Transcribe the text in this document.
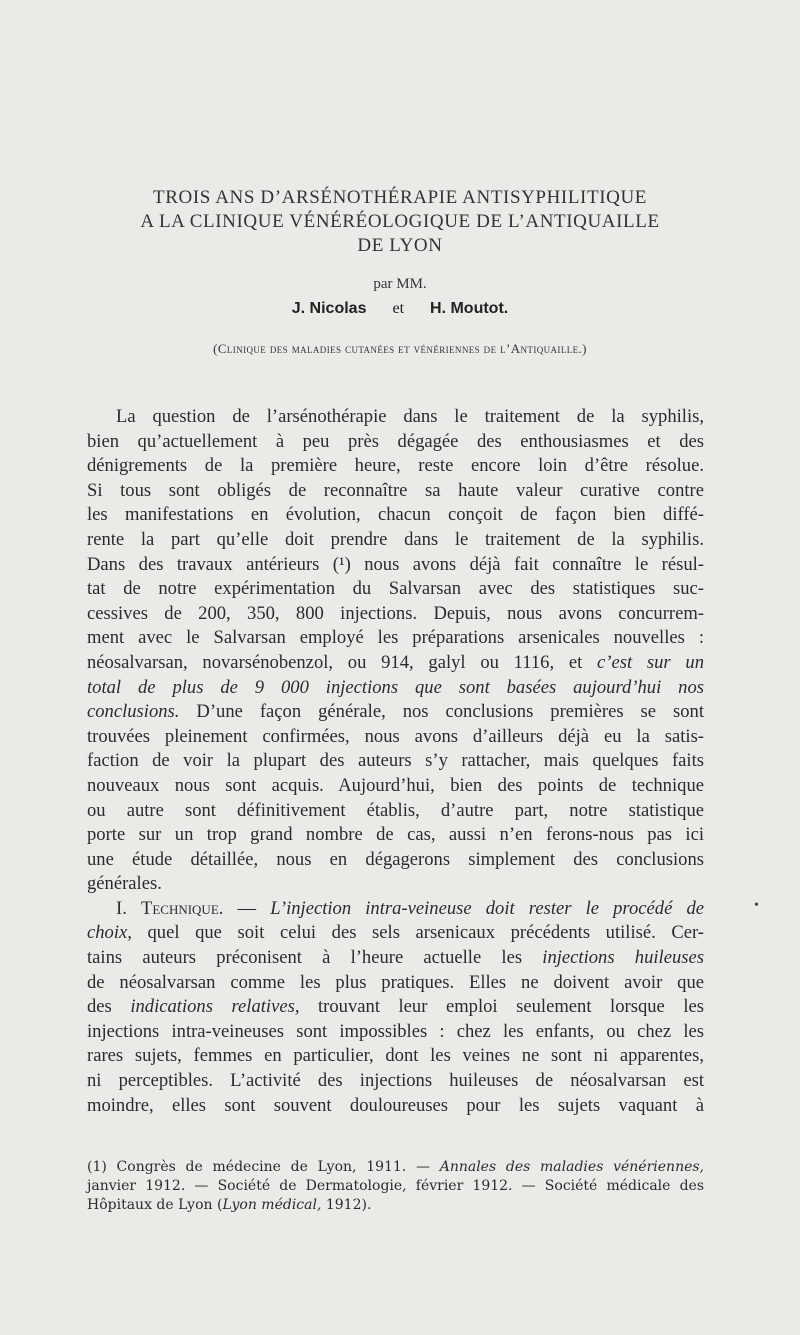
TROIS ANS D’ARSÉNOTHÉRAPIE ANTISYPHILITIQUE
A LA CLINIQUE VÉNÉRÉOLOGIQUE DE L’ANTIQUAILLE
DE LYON
par MM.
J. Nicolas et H. Moutot.
(Clinique des maladies cutanées et vénériennes de l’Antiquaille.)
La question de l’arsénothérapie dans le traitement de la syphilis,
bien qu’actuellement à peu près dégagée des enthousiasmes et des
dénigrements de la première heure, reste encore loin d’être résolue.
Si tous sont obligés de reconnaître sa haute valeur curative contre
les manifestations en évolution, chacun conçoit de façon bien diffé-
rente la part qu’elle doit prendre dans le traitement de la syphilis.
Dans des travaux antérieurs (¹) nous avons déjà fait connaître le résul-
tat de notre expérimentation du Salvarsan avec des statistiques suc-
cessives de 200, 350, 800 injections. Depuis, nous avons concurrem-
ment avec le Salvarsan employé les préparations arsenicales nouvelles :
néosalvarsan, novarsénobenzol, ou 914, galyl ou 1116, et c’est sur un
total de plus de 9 000 injections que sont basées aujourd’hui nos
conclusions. D’une façon générale, nos conclusions premières se sont
trouvées pleinement confirmées, nous avons d’ailleurs déjà eu la satis-
faction de voir la plupart des auteurs s’y rattacher, mais quelques faits
nouveaux nous sont acquis. Aujourd’hui, bien des points de technique
ou autre sont définitivement établis, d’autre part, notre statistique
porte sur un trop grand nombre de cas, aussi n’en ferons-nous pas ici
une étude détaillée, nous en dégagerons simplement des conclusions
générales.
I. Technique. — L’injection intra-veineuse doit rester le procédé de
choix, quel que soit celui des sels arsenicaux précédents utilisé. Cer-
tains auteurs préconisent à l’heure actuelle les injections huileuses
de néosalvarsan comme les plus pratiques. Elles ne doivent avoir que
des indications relatives, trouvant leur emploi seulement lorsque les
injections intra-veineuses sont impossibles : chez les enfants, ou chez les
rares sujets, femmes en particulier, dont les veines ne sont ni apparentes,
ni perceptibles. L’activité des injections huileuses de néosalvarsan est
moindre, elles sont souvent douloureuses pour les sujets vaquant à
•
(1) Congrès de médecine de Lyon, 1911. — Annales des maladies vénériennes,
janvier 1912. — Société de Dermatologie, février 1912. — Société médicale des
Hôpitaux de Lyon (Lyon médical, 1912).
